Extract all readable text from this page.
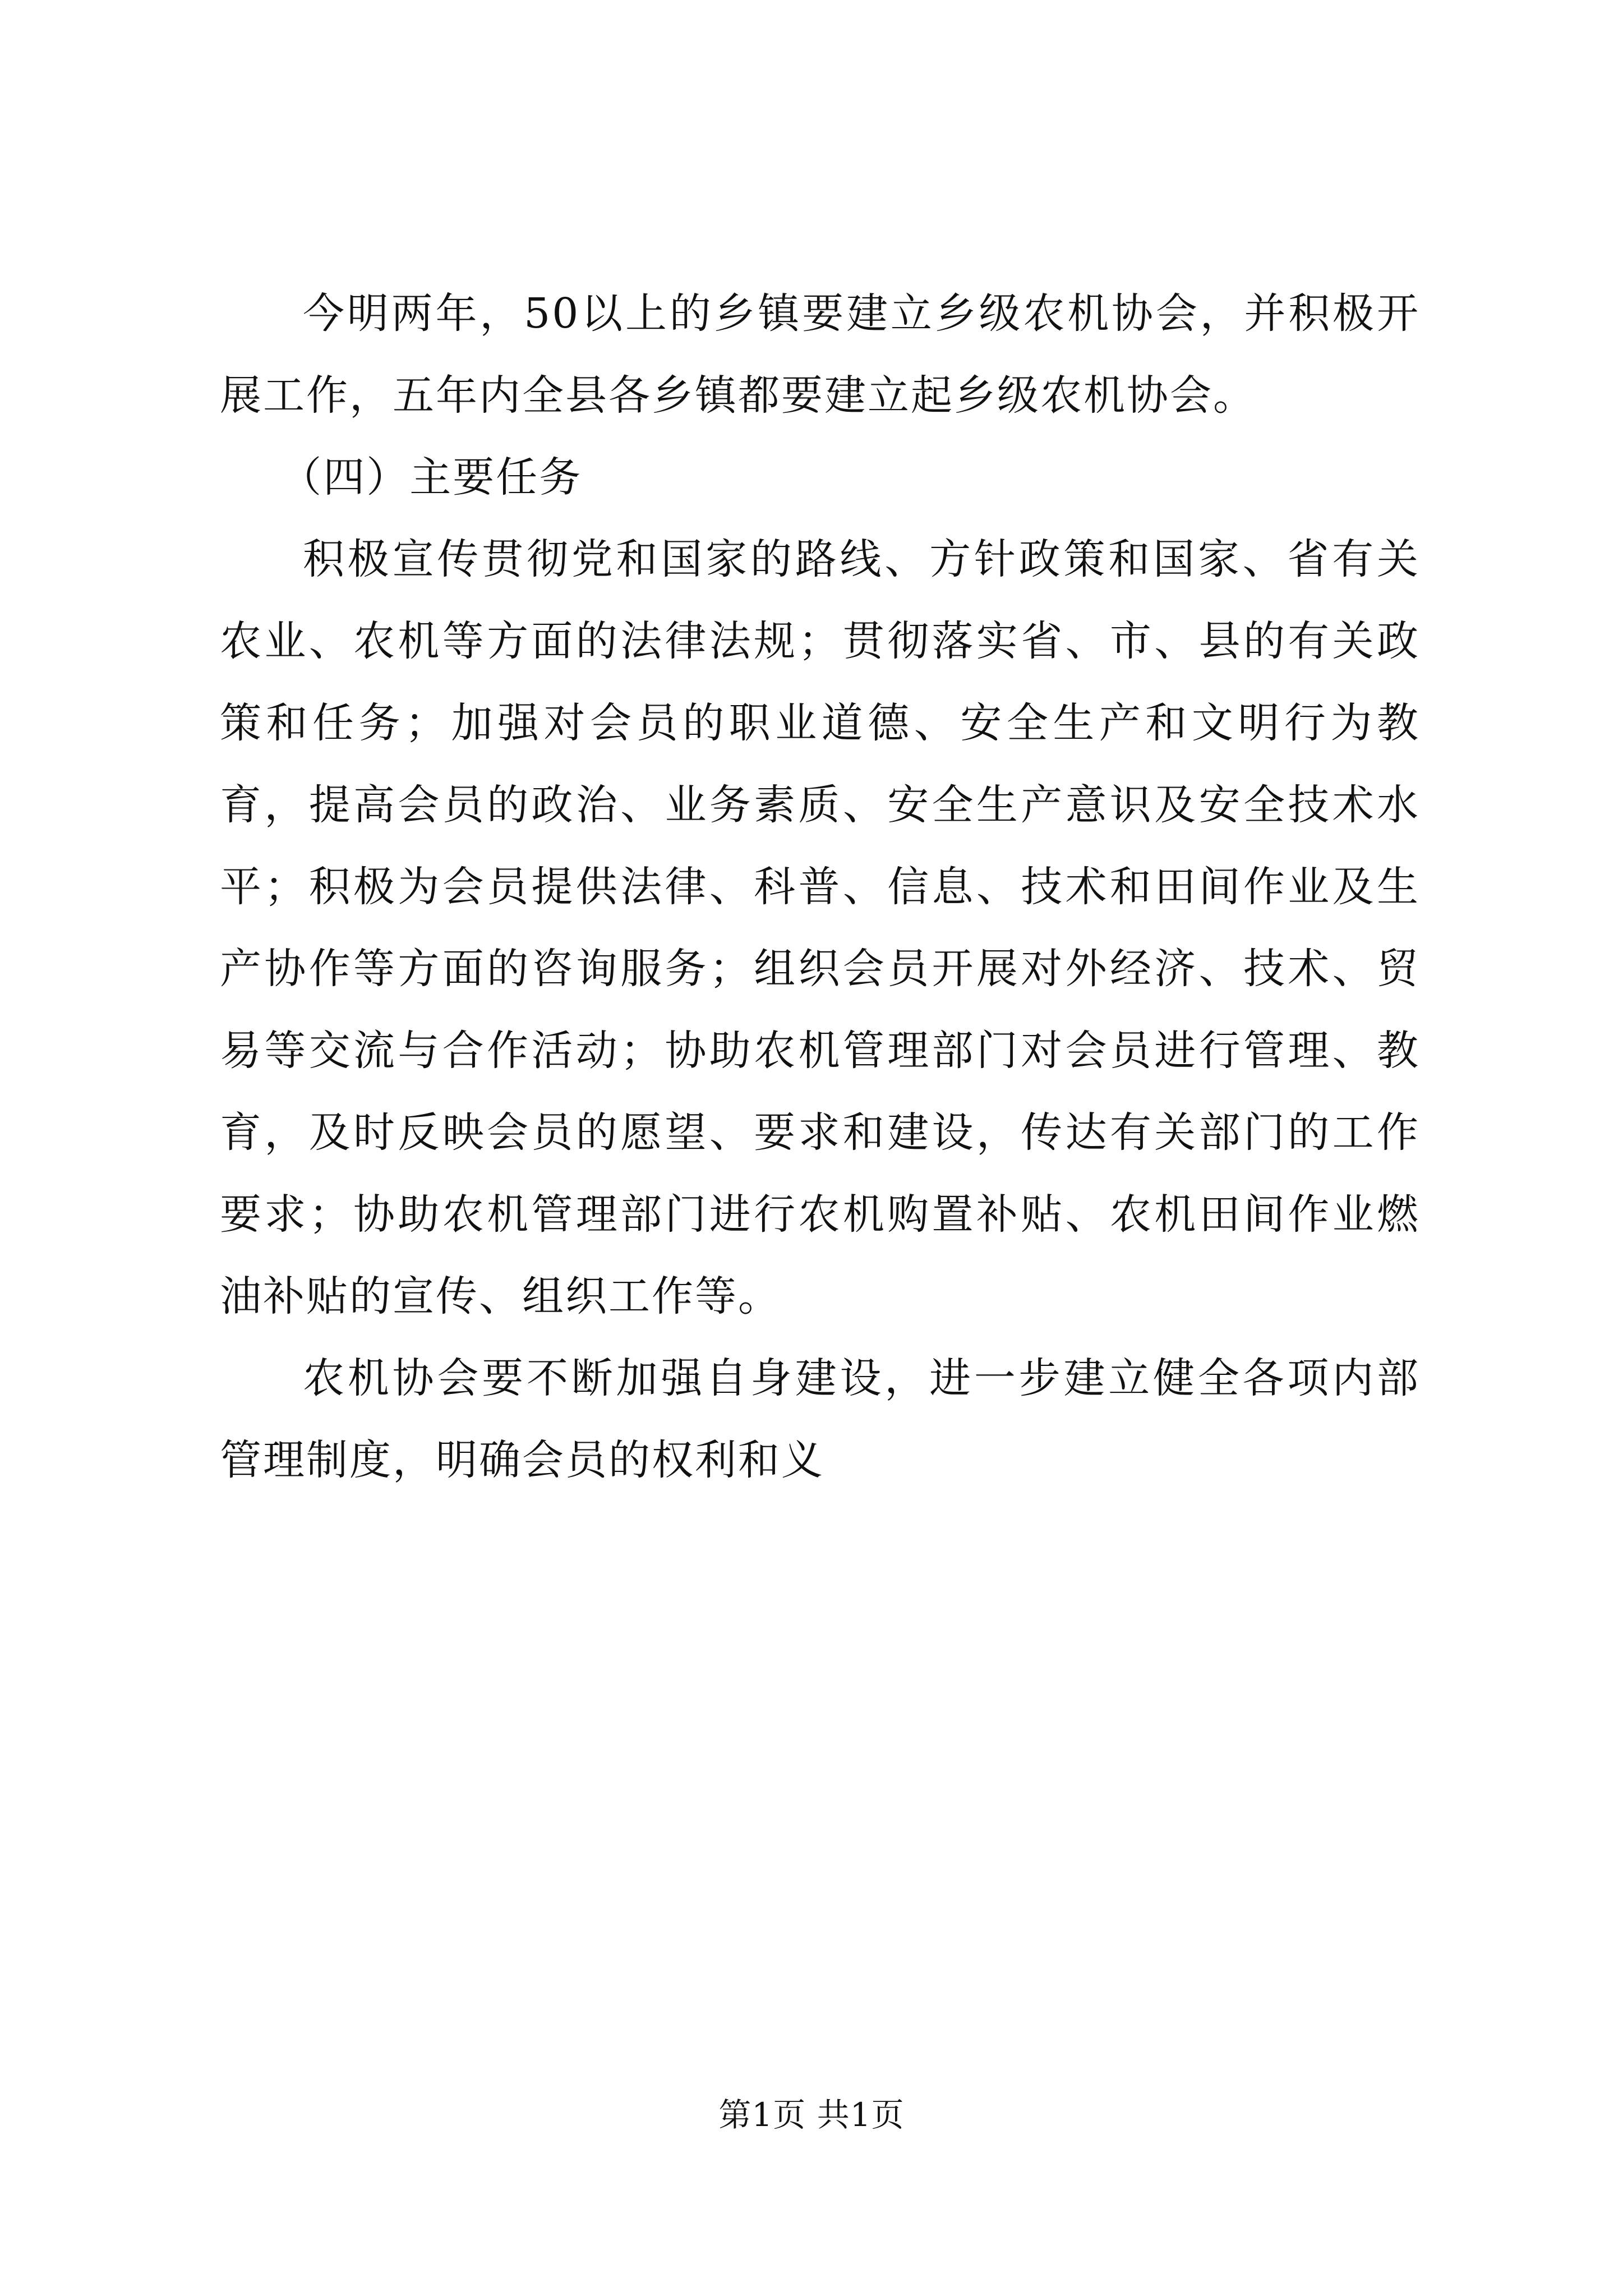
今明两年，50以上的乡镇要建立乡级农机协会，并积极开展工作，五年内全县各乡镇都要建立起乡级农机协会。

（四）主要任务

积极宣传贯彻党和国家的路线、方针政策和国家、省有关农业、农机等方面的法律法规；贯彻落实省、市、县的有关政策和任务；加强对会员的职业道德、安全生产和文明行为教育，提高会员的政治、业务素质、安全生产意识及安全技术水平；积极为会员提供法律、科普、信息、技术和田间作业及生产协作等方面的咨询服务；组织会员开展对外经济、技术、贸易等交流与合作活动；协助农机管理部门对会员进行管理、教育，及时反映会员的愿望、要求和建设，传达有关部门的工作要求；协助农机管理部门进行农机购置补贴、农机田间作业燃油补贴的宣传、组织工作等。

农机协会要不断加强自身建设，进一步建立健全各项内部管理制度，明确会员的权利和义

第1页 共1页
